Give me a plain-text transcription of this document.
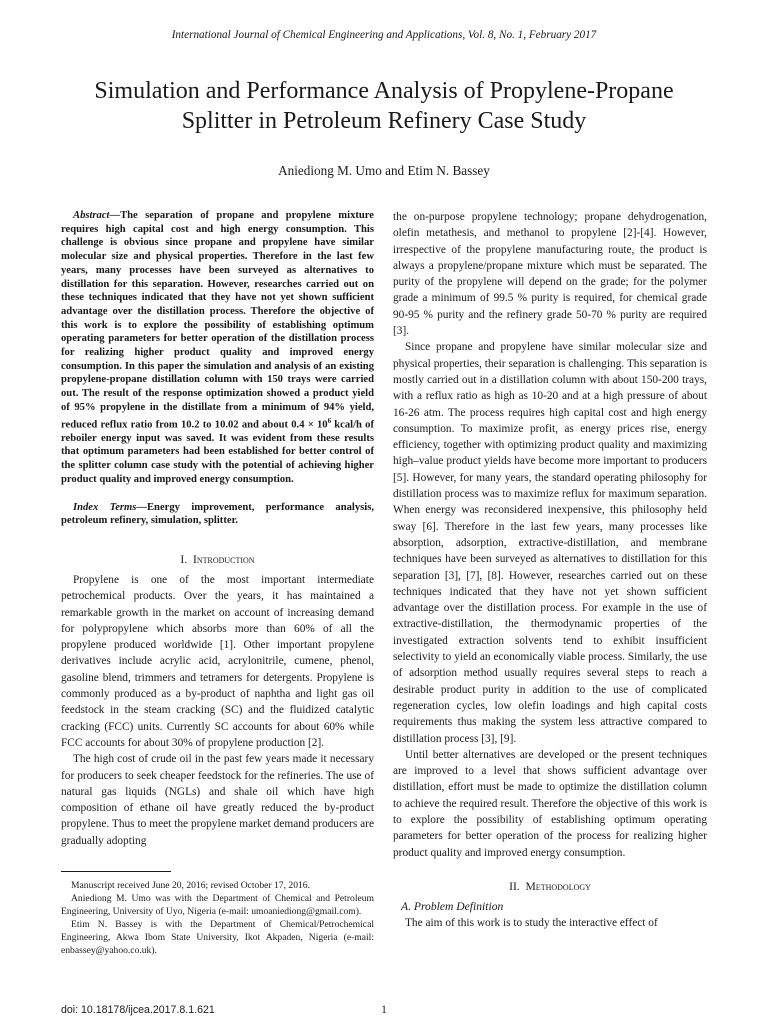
International Journal of Chemical Engineering and Applications, Vol. 8, No. 1, February 2017
Simulation and Performance Analysis of Propylene-Propane
Splitter in Petroleum Refinery Case Study
Aniediong M. Umo and Etim N. Bassey

Abstract—The separation of propane and propylene mixture requires high capital cost and high energy consumption. This challenge is obvious since propane and propylene have similar molecular size and physical properties. Therefore in the last few years, many processes have been surveyed as alternatives to distillation for this separation. However, researches carried out on these techniques indicated that they have not yet shown sufficient advantage over the distillation process. Therefore the objective of this work is to explore the possibility of establishing optimum operating parameters for better operation of the distillation process for realizing higher product quality and improved energy consumption. In this paper the simulation and analysis of an existing propylene-propane distillation column with 150 trays were carried out. The result of the response optimization showed a product yield of 95% propylene in the distillate from a minimum of 94% yield, reduced reflux ratio from 10.2 to 10.02 and about $0.4 \times 10^6$ kcal/h of reboiler energy input was saved. It was evident from these results that optimum parameters had been established for better control of the splitter column case study with the potential of achieving higher product quality and improved energy consumption.

Index Terms—Energy improvement, performance analysis, petroleum refinery, simulation, splitter.

I. Introduction

Propylene is one of the most important intermediate petrochemical products. Over the years, it has maintained a remarkable growth in the market on account of increasing demand for polypropylene which absorbs more than 60% of all the propylene produced worldwide [1]. Other important propylene derivatives include acrylic acid, acrylonitrile, cumene, phenol, gasoline blend, trimmers and tetramers for detergents. Propylene is commonly produced as a by-product of naphtha and light gas oil feedstock in the steam cracking (SC) and the fluidized catalytic cracking (FCC) units. Currently SC accounts for about 60% while FCC accounts for about 30% of propylene production [2].

The high cost of crude oil in the past few years made it necessary for producers to seek cheaper feedstock for the refineries. The use of natural gas liquids (NGLs) and shale oil which have high composition of ethane oil have greatly reduced the by-product propylene. Thus to meet the propylene market demand producers are gradually adopting

the on-purpose propylene technology; propane dehydrogenation, olefin metathesis, and methanol to propylene [2]-[4]. However, irrespective of the propylene manufacturing route, the product is always a propylene/propane mixture which must be separated. The purity of the propylene will depend on the grade; for the polymer grade a minimum of 99.5 % purity is required, for chemical grade 90-95 % purity and the refinery grade 50-70 % purity are required [3].

Since propane and propylene have similar molecular size and physical properties, their separation is challenging. This separation is mostly carried out in a distillation column with about 150-200 trays, with a reflux ratio as high as 10-20 and at a high pressure of about 16-26 atm. The process requires high capital cost and high energy consumption. To maximize profit, as energy prices rise, energy efficiency, together with optimizing product quality and maximizing high–value product yields have become more important to producers [5]. However, for many years, the standard operating philosophy for distillation process was to maximize reflux for maximum separation. When energy was reconsidered inexpensive, this philosophy held sway [6]. Therefore in the last few years, many processes like absorption, adsorption, extractive-distillation, and membrane techniques have been surveyed as alternatives to distillation for this separation [3], [7], [8]. However, researches carried out on these techniques indicated that they have not yet shown sufficient advantage over the distillation process. For example in the use of extractive-distillation, the thermodynamic properties of the investigated extraction solvents tend to exhibit insufficient selectivity to yield an economically viable process. Similarly, the use of adsorption method usually requires several steps to reach a desirable product purity in addition to the use of complicated regeneration cycles, low olefin loadings and high capital costs requirements thus making the system less attractive compared to distillation process [3], [9].

Until better alternatives are developed or the present techniques are improved to a level that shows sufficient advantage over distillation, effort must be made to optimize the distillation column to achieve the required result. Therefore the objective of this work is to explore the possibility of establishing optimum operating parameters for better operation of the process for realizing higher product quality and improved energy consumption.

II. Methodology

A. Problem Definition

The aim of this work is to study the interactive effect of

Manuscript received June 20, 2016; revised October 17, 2016.

Aniediong M. Umo was with the Department of Chemical and Petroleum Engineering, University of Uyo, Nigeria (e-mail: umoaniediong@gmail.com).

Etim N. Bassey is with the Department of Chemical/Petrochemical Engineering, Akwa Ibom State University, Ikot Akpaden, Nigeria (e-mail: enbassey@yahoo.co.uk).

doi: 10.18178/ijcea.2017.8.1.621	1
